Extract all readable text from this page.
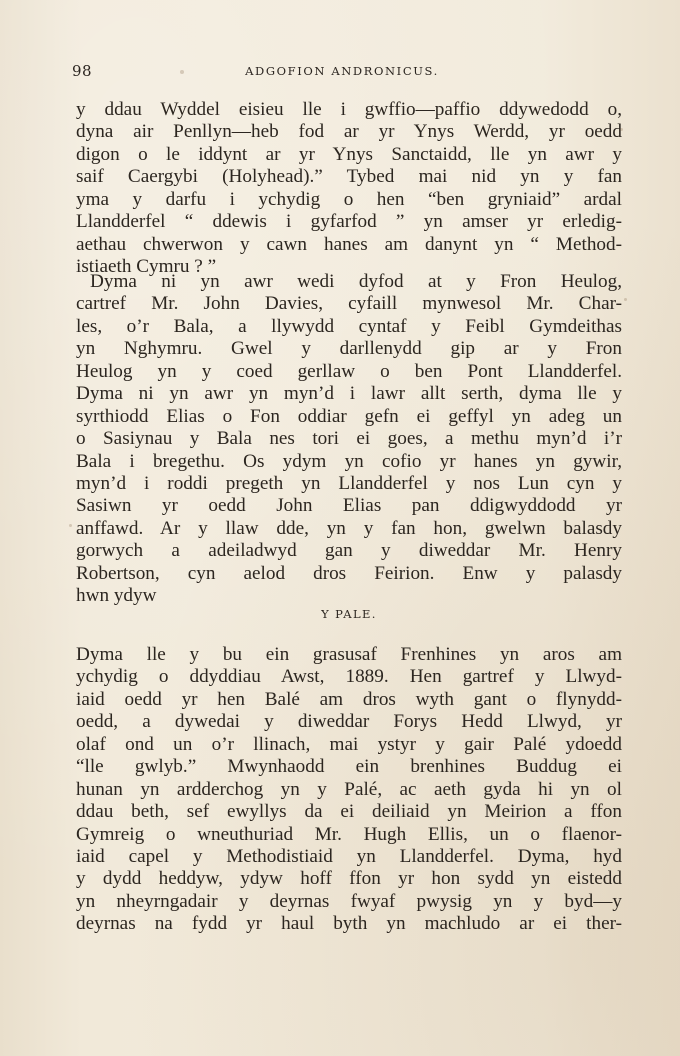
98	ADGOFION ANDRONICUS.
y ddau Wyddel eisieu lle i gwffio—paffio ddywedodd o,
dyna air Penllyn—heb fod ar yr Ynys Werdd, yr oedd
digon o le iddynt ar yr Ynys Sanctaidd, lle yn awr y
saif Caergybi (Holyhead).” Tybed mai nid yn y fan
yma y darfu i ychydig o hen “ben gryniaid” ardal
Llandderfel “ ddewis i gyfarfod ” yn amser yr erledig-
aethau chwerwon y cawn hanes am danynt yn “ Method-
istiaeth Cymru ? ”
Dyma ni yn awr wedi dyfod at y Fron Heulog,
cartref Mr. John Davies, cyfaill mynwesol Mr. Char-
les, o’r Bala, a llywydd cyntaf y Feibl Gymdeithas
yn Nghymru. Gwel y darllenydd gip ar y Fron
Heulog yn y coed gerllaw o ben Pont Llandderfel.
Dyma ni yn awr yn myn’d i lawr allt serth, dyma lle y
syrthiodd Elias o Fon oddiar gefn ei geffyl yn adeg un
o Sasiynau y Bala nes tori ei goes, a methu myn’d i’r
Bala i bregethu. Os ydym yn cofio yr hanes yn gywir,
myn’d i roddi pregeth yn Llandderfel y nos Lun cyn y
Sasiwn yr oedd John Elias pan ddigwyddodd yr
anffawd. Ar y llaw dde, yn y fan hon, gwelwn balasdy
gorwych a adeiladwyd gan y diweddar Mr. Henry
Robertson, cyn aelod dros Feirion. Enw y palasdy
hwn ydyw
Y PALE.
Dyma lle y bu ein grasusaf Frenhines yn aros am
ychydig o ddyddiau Awst, 1889. Hen gartref y Llwyd-
iaid oedd yr hen Balé am dros wyth gant o flynydd-
oedd, a dywedai y diweddar Forys Hedd Llwyd, yr
olaf ond un o’r llinach, mai ystyr y gair Palé ydoedd
“lle gwlyb.” Mwynhaodd ein brenhines Buddug ei
hunan yn ardderchog yn y Palé, ac aeth gyda hi yn ol
ddau beth, sef ewyllys da ei deiliaid yn Meirion a ffon
Gymreig o wneuthuriad Mr. Hugh Ellis, un o flaenor-
iaid capel y Methodistiaid yn Llandderfel. Dyma, hyd
y dydd heddyw, ydyw hoff ffon yr hon sydd yn eistedd
yn nheyrngadair y deyrnas fwyaf pwysig yn y byd—y
deyrnas na fydd yr haul byth yn machludo ar ei ther-
